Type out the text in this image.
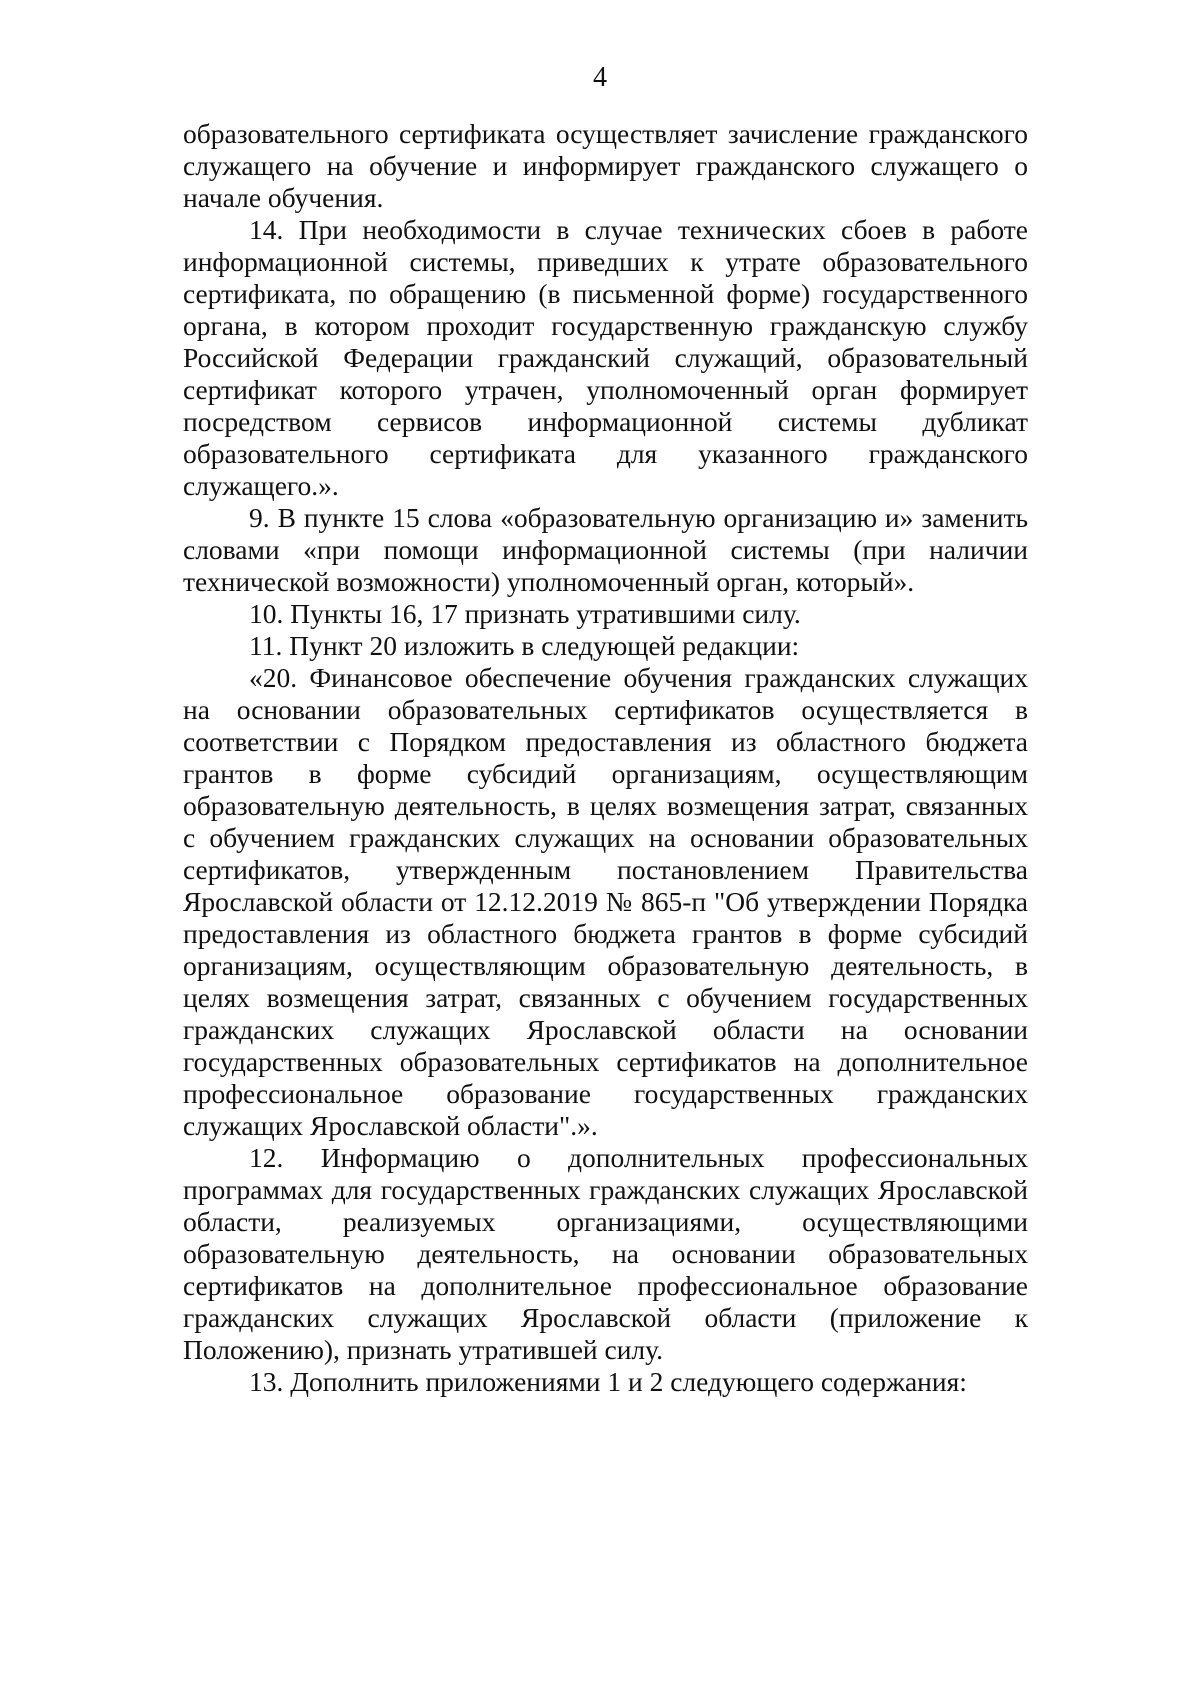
4

образовательного сертификата осуществляет зачисление гражданского служащего на обучение и информирует гражданского служащего о начале обучения.

14. При необходимости в случае технических сбоев в работе информационной системы, приведших к утрате образовательного сертификата, по обращению (в письменной форме) государственного органа, в котором проходит государственную гражданскую службу Российской Федерации гражданский служащий, образовательный сертификат которого утрачен, уполномоченный орган формирует посредством сервисов информационной системы дубликат образовательного сертификата для указанного гражданского служащего.».

9. В пункте 15 слова «образовательную организацию и» заменить словами «при помощи информационной системы (при наличии технической возможности) уполномоченный орган, который».

10. Пункты 16, 17 признать утратившими силу.

11. Пункт 20 изложить в следующей редакции:

«20. Финансовое обеспечение обучения гражданских служащих на основании образовательных сертификатов осуществляется в соответствии с Порядком предоставления из областного бюджета грантов в форме субсидий организациям, осуществляющим образовательную деятельность, в целях возмещения затрат, связанных с обучением гражданских служащих на основании образовательных сертификатов, утвержденным постановлением Правительства Ярославской области от 12.12.2019 № 865-п "Об утверждении Порядка предоставления из областного бюджета грантов в форме субсидий организациям, осуществляющим образовательную деятельность, в целях возмещения затрат, связанных с обучением государственных гражданских служащих Ярославской области на основании государственных образовательных сертификатов на дополнительное профессиональное образование государственных гражданских служащих Ярославской области".».

12. Информацию о дополнительных профессиональных программах для государственных гражданских служащих Ярославской области, реализуемых организациями, осуществляющими образовательную деятельность, на основании образовательных сертификатов на дополнительное профессиональное образование гражданских служащих Ярославской области (приложение к Положению), признать утратившей силу.

13. Дополнить приложениями 1 и 2 следующего содержания:
